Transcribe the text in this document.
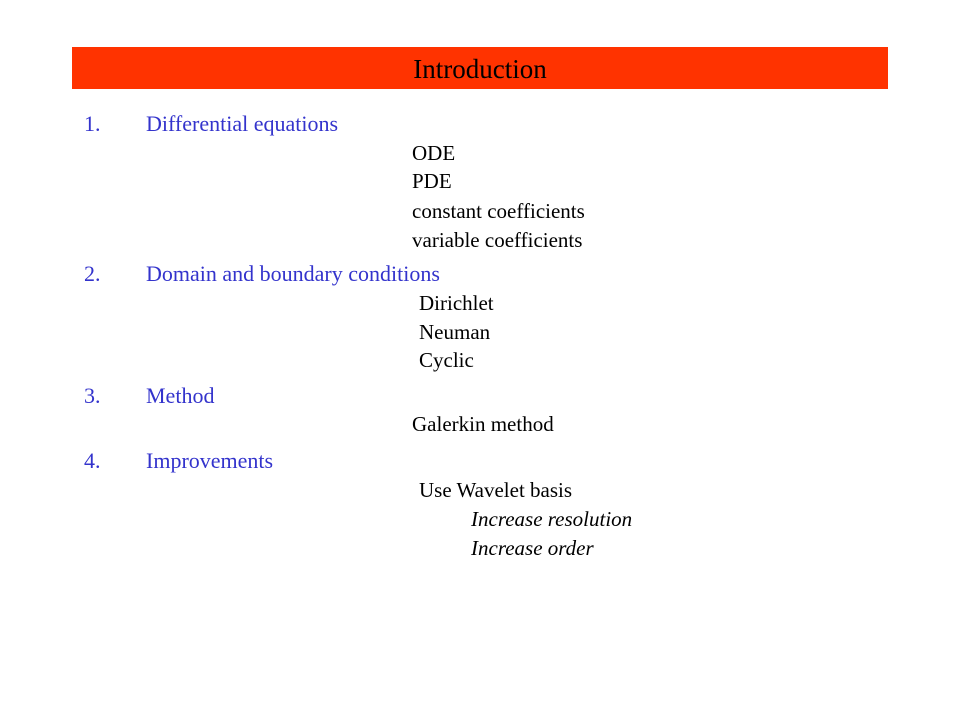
Introduction
1. Differential equations
ODE
PDE
constant coefficients
variable coefficients
2. Domain and boundary conditions
Dirichlet
Neuman
Cyclic
3. Method
Galerkin method
4. Improvements
Use Wavelet basis
Increase resolution
Increase order
